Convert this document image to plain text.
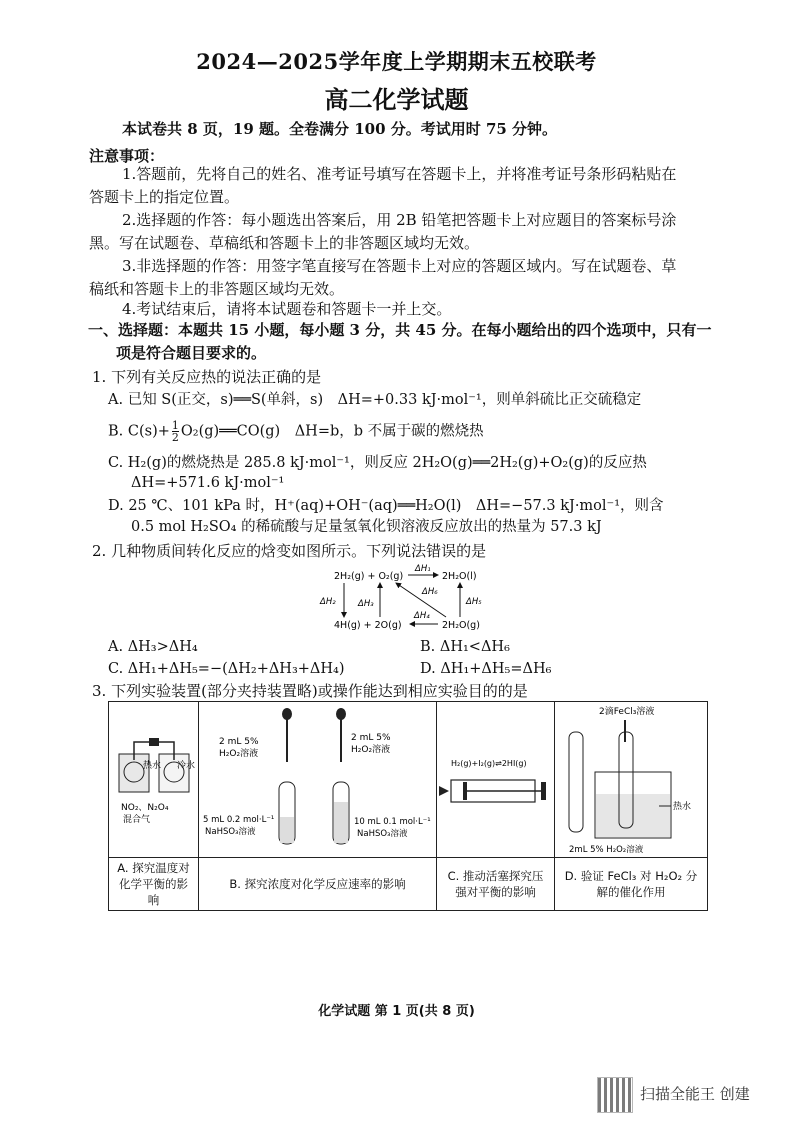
2024—2025学年度上学期期末五校联考
高二化学试题
本试卷共 8 页，19 题。全卷满分 100 分。考试用时 75 分钟。
注意事项：
1.答题前，先将自己的姓名、准考证号填写在答题卡上，并将准考证号条形码粘贴在
答题卡上的指定位置。
2.选择题的作答：每小题选出答案后，用 2B 铅笔把答题卡上对应题目的答案标号涂
黑。写在试题卷、草稿纸和答题卡上的非答题区域均无效。
3.非选择题的作答：用签字笔直接写在答题卡上对应的答题区域内。写在试题卷、草
稿纸和答题卡上的非答题区域均无效。
4.考试结束后，请将本试题卷和答题卡一并上交。
一、选择题：本题共 15 小题，每小题 3 分，共 45 分。在每小题给出的四个选项中，只有一
项是符合题目要求的。
1. 下列有关反应热的说法正确的是
A. 已知 S(正交，s)══S(单斜，s)　ΔH=+0.33 kJ·mol⁻¹，则单斜硫比正交硫稳定
B. $C(s)+ \frac{1}{2}$ O₂(g)══CO(g)　ΔH=b，b 不属于碳的燃烧热
C. H₂(g)的燃烧热是 285.8 kJ·mol⁻¹，则反应 2H₂O(g)══2H₂(g)+O₂(g)的反应热
ΔH=+571.6 kJ·mol⁻¹
D. 25 ℃、101 kPa 时，H⁺(aq)+OH⁻(aq)══H₂O(l)　ΔH=−57.3 kJ·mol⁻¹，则含
0.5 mol H₂SO₄ 的稀硫酸与足量氢氧化钡溶液反应放出的热量为 57.3 kJ
2. 几种物质间转化反应的焓变如图所示。下列说法错误的是
2H₂(g) + O₂(g)	2H₂O(l)
4H(g) + 2O(g)	2H₂O(g)
ΔH₁
ΔH₂	ΔH₃
ΔH₄
ΔH₅
ΔH₆
A. ΔH₃>ΔH₄	B. ΔH₁<ΔH₆
C. ΔH₁+ΔH₅=−(ΔH₂+ΔH₃+ΔH₄)	D. ΔH₁+ΔH₅=ΔH₆
3. 下列实验装置(部分夹持装置略)或操作能达到相应实验目的的是
热水 冷水
NO₂、N₂O₄
混合气
2 mL 5%
H₂O₂溶液
2 mL 5%
H₂O₂溶液
5 mL 0.2 mol·L⁻¹
NaHSO₃溶液
10 mL 0.1 mol·L⁻¹
NaHSO₃溶液
H₂(g)+I₂(g)⇌2HI(g)
2滴FeCl₃溶液
热水
2mL 5% H₂O₂溶液
A. 探究温度对化学平衡的影响
B. 探究浓度对化学反应速率的影响
C. 推动活塞探究压强对平衡的影响
D. 验证 FeCl₃ 对 H₂O₂ 分解的催化作用
化学试题 第 1 页(共 8 页)
扫描全能王 创建
